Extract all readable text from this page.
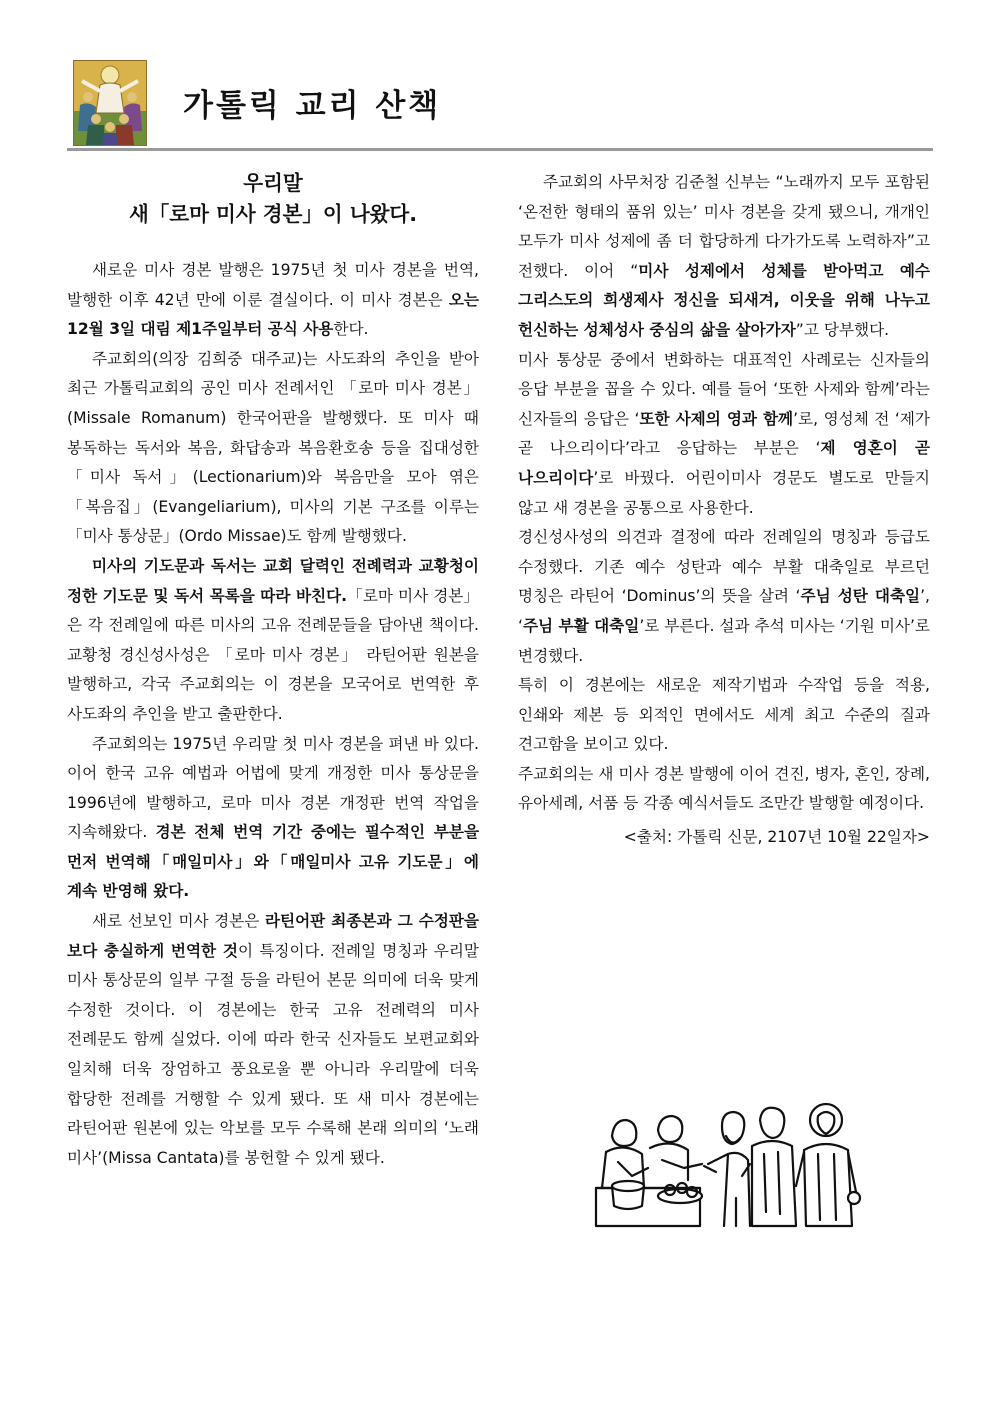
가톨릭 교리 산책
우리말
새「로마 미사 경본」이 나왔다.

새로운 미사 경본 발행은 1975년 첫 미사 경본을 번역, 발행한 이후 42년 만에 이룬 결실이다. 이 미사 경본은 오는 12월 3일 대림 제1주일부터 공식 사용한다.

주교회의(의장 김희중 대주교)는 사도좌의 추인을 받아 최근 가톨릭교회의 공인 미사 전례서인 「로마 미사 경본」(Missale Romanum) 한국어판을 발행했다. 또 미사 때 봉독하는 독서와 복음, 화답송과 복음환호송 등을 집대성한 「미사 독서」(Lectionarium)와 복음만을 모아 엮은 「복음집」(Evangeliarium), 미사의 기본 구조를 이루는「미사 통상문」(Ordo Missae)도 함께 발행했다.

미사의 기도문과 독서는 교회 달력인 전례력과 교황청이 정한 기도문 및 독서 목록을 따라 바친다.「로마 미사 경본」은 각 전례일에 따른 미사의 고유 전례문들을 담아낸 책이다. 교황청 경신성사성은 「로마 미사 경본」 라틴어판 원본을 발행하고, 각국 주교회의는 이 경본을 모국어로 번역한 후 사도좌의 추인을 받고 출판한다.

주교회의는 1975년 우리말 첫 미사 경본을 펴낸 바 있다. 이어 한국 고유 예법과 어법에 맞게 개정한 미사 통상문을 1996년에 발행하고, 로마 미사 경본 개정판 번역 작업을 지속해왔다. 경본 전체 번역 기간 중에는 필수적인 부분을 먼저 번역해「매일미사」와「매일미사 고유 기도문」에 계속 반영해 왔다.

새로 선보인 미사 경본은 라틴어판 최종본과 그 수정판을 보다 충실하게 번역한 것이 특징이다. 전례일 명칭과 우리말 미사 통상문의 일부 구절 등을 라틴어 본문 의미에 더욱 맞게 수정한 것이다. 이 경본에는 한국 고유 전례력의 미사 전례문도 함께 실었다. 이에 따라 한국 신자들도 보편교회와 일치해 더욱 장엄하고 풍요로울 뿐 아니라 우리말에 더욱 합당한 전례를 거행할 수 있게 됐다. 또 새 미사 경본에는 라틴어판 원본에 있는 악보를 모두 수록해 본래 의미의 ‘노래 미사’(Missa Cantata)를 봉헌할 수 있게 됐다.

주교회의 사무처장 김준철 신부는 “노래까지 모두 포함된 ‘온전한 형태의 품위 있는’ 미사 경본을 갖게 됐으니, 개개인 모두가 미사 성제에 좀 더 합당하게 다가가도록 노력하자”고 전했다. 이어 “미사 성제에서 성체를 받아먹고 예수 그리스도의 희생제사 정신을 되새겨, 이웃을 위해 나누고 헌신하는 성체성사 중심의 삶을 살아가자”고 당부했다.

미사 통상문 중에서 변화하는 대표적인 사례로는 신자들의 응답 부분을 꼽을 수 있다. 예를 들어 ‘또한 사제와 함께’라는 신자들의 응답은 ‘또한 사제의 영과 함께’로, 영성체 전 ‘제가 곧 나으리이다’라고 응답하는 부분은 ‘제 영혼이 곧 나으리이다’로 바꿨다. 어린이미사 경문도 별도로 만들지 않고 새 경본을 공통으로 사용한다.

경신성사성의 의견과 결정에 따라 전례일의 명칭과 등급도 수정했다. 기존 예수 성탄과 예수 부활 대축일로 부르던 명칭은 라틴어 ‘Dominus’의 뜻을 살려 ‘주님 성탄 대축일’, ‘주님 부활 대축일’로 부른다. 설과 추석 미사는 ‘기원 미사’로 변경했다.

특히 이 경본에는 새로운 제작기법과 수작업 등을 적용, 인쇄와 제본 등 외적인 면에서도 세계 최고 수준의 질과 견고함을 보이고 있다.

주교회의는 새 미사 경본 발행에 이어 견진, 병자, 혼인, 장례, 유아세례, 서품 등 각종 예식서들도 조만간 발행할 예정이다.

<출처: 가톨릭 신문, 2107년 10월 22일자>
